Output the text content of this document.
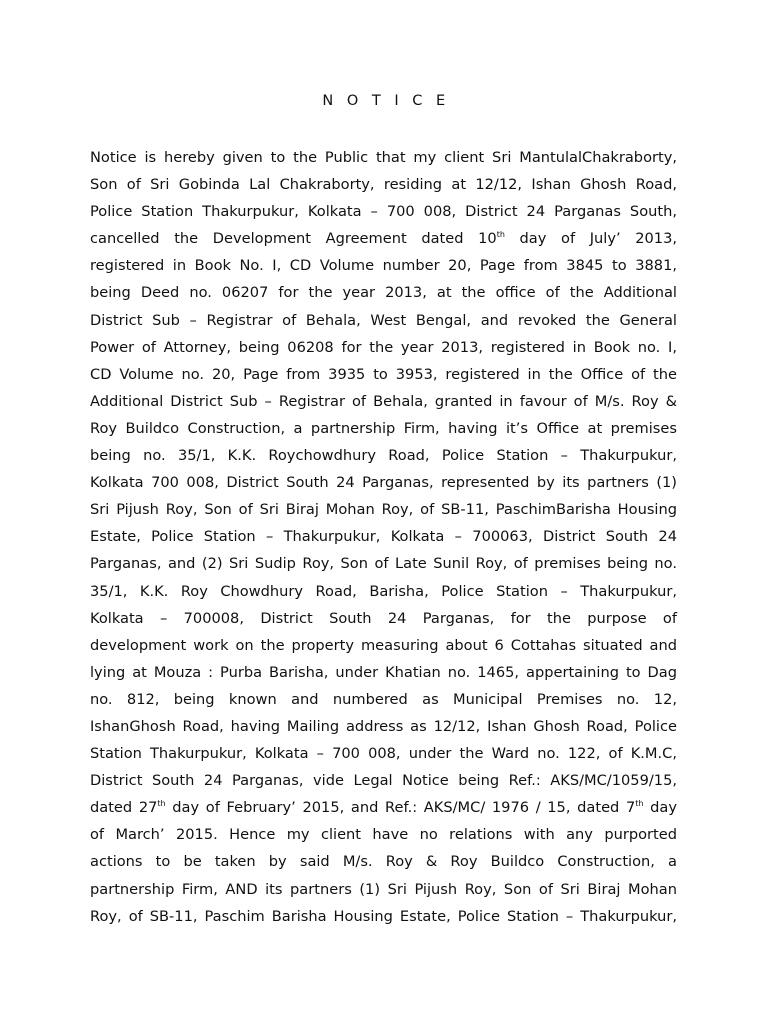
N O T I C E
Notice is hereby given to the Public that my client Sri MantulalChakraborty,
Son of Sri Gobinda Lal Chakraborty, residing at 12/12, Ishan Ghosh Road,
Police Station Thakurpukur, Kolkata – 700 008, District 24 Parganas South,
cancelled the Development Agreement dated 10th day of July’ 2013,
registered in Book No. I, CD Volume number 20, Page from 3845 to 3881,
being Deed no. 06207 for the year 2013, at the office of the Additional
District Sub – Registrar of Behala, West Bengal, and revoked the General
Power of Attorney, being 06208 for the year 2013, registered in Book no. I,
CD Volume no. 20, Page from 3935 to 3953, registered in the Office of the
Additional District Sub – Registrar of Behala, granted in favour of M/s. Roy &
Roy Buildco Construction, a partnership Firm, having it’s Office at premises
being no. 35/1, K.K. Roychowdhury Road, Police Station – Thakurpukur,
Kolkata 700 008, District South 24 Parganas, represented by its partners (1)
Sri Pijush Roy, Son of Sri Biraj Mohan Roy, of SB-11, PaschimBarisha Housing
Estate, Police Station – Thakurpukur, Kolkata – 700063, District South 24
Parganas, and (2) Sri Sudip Roy, Son of Late Sunil Roy, of premises being no.
35/1, K.K. Roy Chowdhury Road, Barisha, Police Station – Thakurpukur,
Kolkata – 700008, District South 24 Parganas, for the purpose of
development work on the property measuring about 6 Cottahas situated and
lying at Mouza : Purba Barisha, under Khatian no. 1465, appertaining to Dag
no. 812, being known and numbered as Municipal Premises no. 12,
IshanGhosh Road, having Mailing address as 12/12, Ishan Ghosh Road, Police
Station Thakurpukur, Kolkata – 700 008, under the Ward no. 122, of K.M.C,
District South 24 Parganas, vide Legal Notice being Ref.: AKS/MC/1059/15,
dated 27th day of February’ 2015, and Ref.: AKS/MC/ 1976 / 15, dated 7th day
of March’ 2015. Hence my client have no relations with any purported
actions to be taken by said M/s. Roy & Roy Buildco Construction, a
partnership Firm, AND its partners (1) Sri Pijush Roy, Son of Sri Biraj Mohan
Roy, of SB-11, Paschim Barisha Housing Estate, Police Station – Thakurpukur,
